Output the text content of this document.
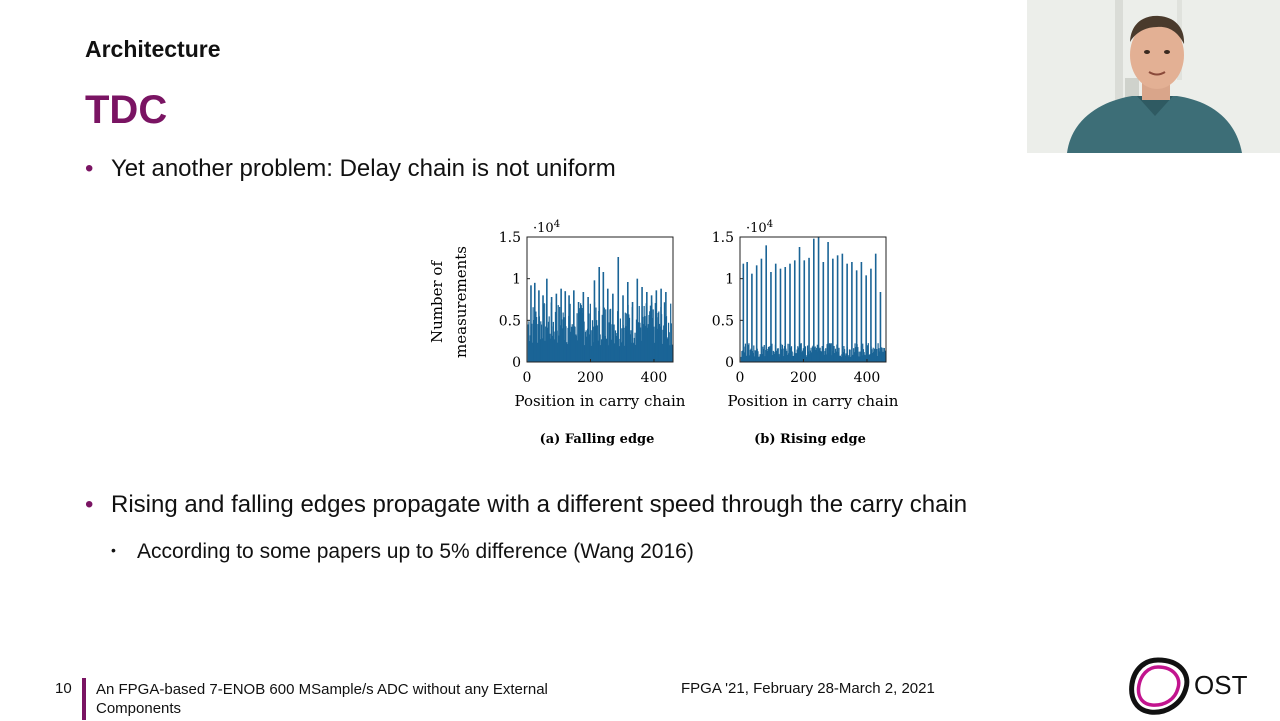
Architecture
TDC
• Yet another problem: Delay chain is not uniform
Number of measurements
$\cdot 10^4$
Position in carry chain
(a) Falling edge
0
0.5
1
1.5
0	200	400
$\cdot 10^4$
Position in carry chain
(b) Rising edge
0
0.5
1
1.5
0	200	400
• Rising and falling edges propagate with a different speed through the carry chain
• According to some papers up to 5% difference (Wang 2016)
10 An FPGA-based 7-ENOB 600 MSample/s ADC without any External Components
FPGA '21, February 28-March 2, 2021	OST
